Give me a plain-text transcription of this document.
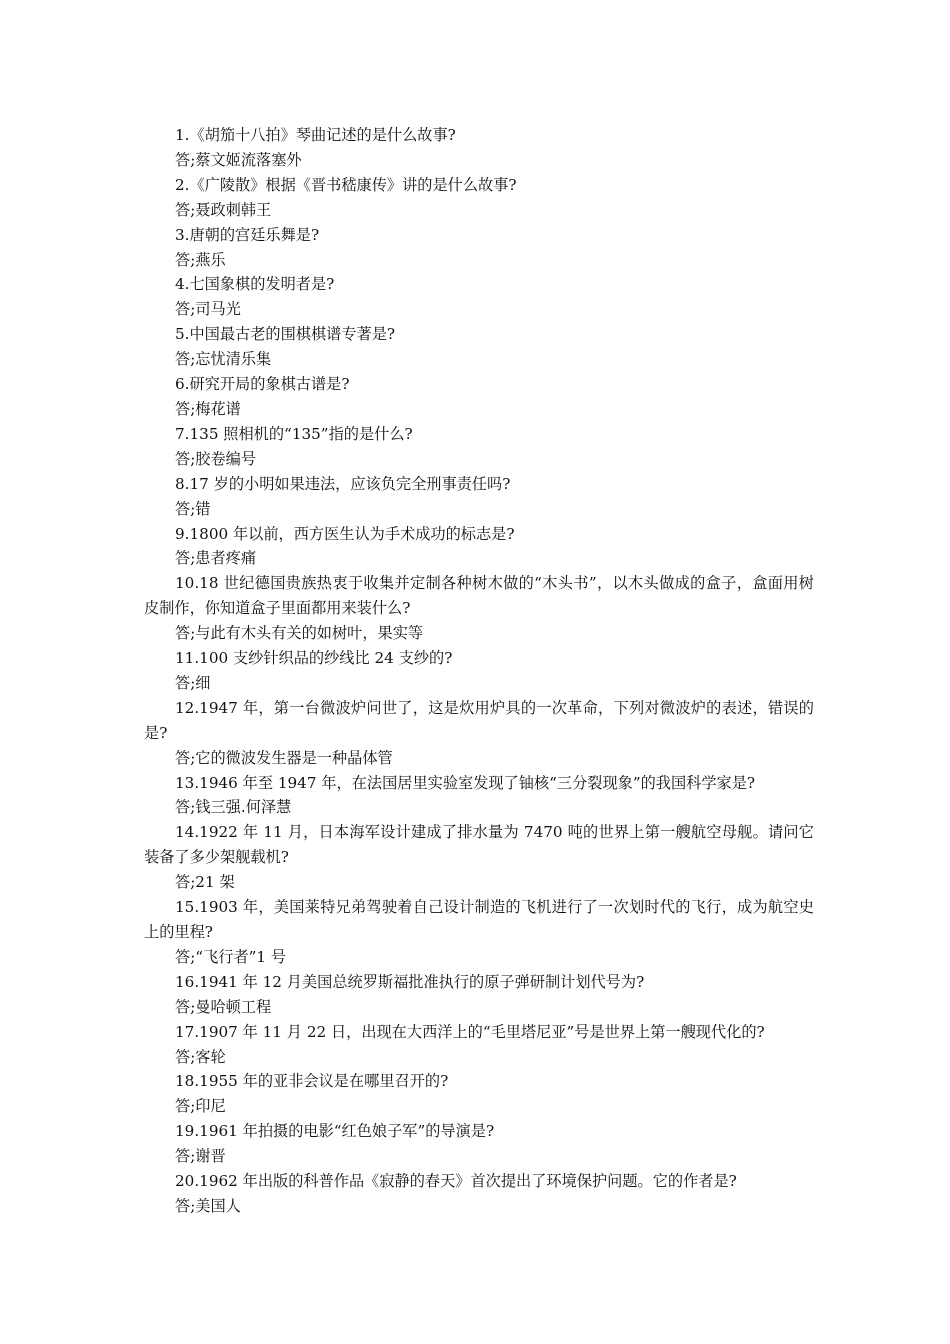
1.《胡笳十八拍》琴曲记述的是什么故事?
答;蔡文姬流落塞外
2.《广陵散》根据《晋书嵇康传》讲的是什么故事?
答;聂政刺韩王
3.唐朝的宫廷乐舞是?
答;燕乐
4.七国象棋的发明者是?
答;司马光
5.中国最古老的围棋棋谱专著是?
答;忘忧清乐集
6.研究开局的象棋古谱是?
答;梅花谱
7.135 照相机的“135”指的是什么?
答;胶卷编号
8.17 岁的小明如果违法，应该负完全刑事责任吗?
答;错
9.1800 年以前，西方医生认为手术成功的标志是?
答;患者疼痛
10.18 世纪德国贵族热衷于收集并定制各种树木做的“木头书”，以木头做成的盒子，盒面用树皮制作，你知道盒子里面都用来装什么?
答;与此有木头有关的如树叶，果实等
11.100 支纱针织品的纱线比 24 支纱的?
答;细
12.1947 年，第一台微波炉问世了，这是炊用炉具的一次革命，下列对微波炉的表述，错误的是?
答;它的微波发生器是一种晶体管
13.1946 年至 1947 年，在法国居里实验室发现了铀核“三分裂现象”的我国科学家是?
答;钱三强.何泽慧
14.1922 年 11 月，日本海军设计建成了排水量为 7470 吨的世界上第一艘航空母舰。请问它装备了多少架舰载机?
答;21 架
15.1903 年，美国莱特兄弟驾驶着自己设计制造的飞机进行了一次划时代的飞行，成为航空史上的里程?
答;“飞行者”1 号
16.1941 年 12 月美国总统罗斯福批准执行的原子弹研制计划代号为?
答;曼哈顿工程
17.1907 年 11 月 22 日，出现在大西洋上的“毛里塔尼亚”号是世界上第一艘现代化的?
答;客轮
18.1955 年的亚非会议是在哪里召开的?
答;印尼
19.1961 年拍摄的电影“红色娘子军”的导演是?
答;谢晋
20.1962 年出版的科普作品《寂静的春天》首次提出了环境保护问题。它的作者是?
答;美国人
